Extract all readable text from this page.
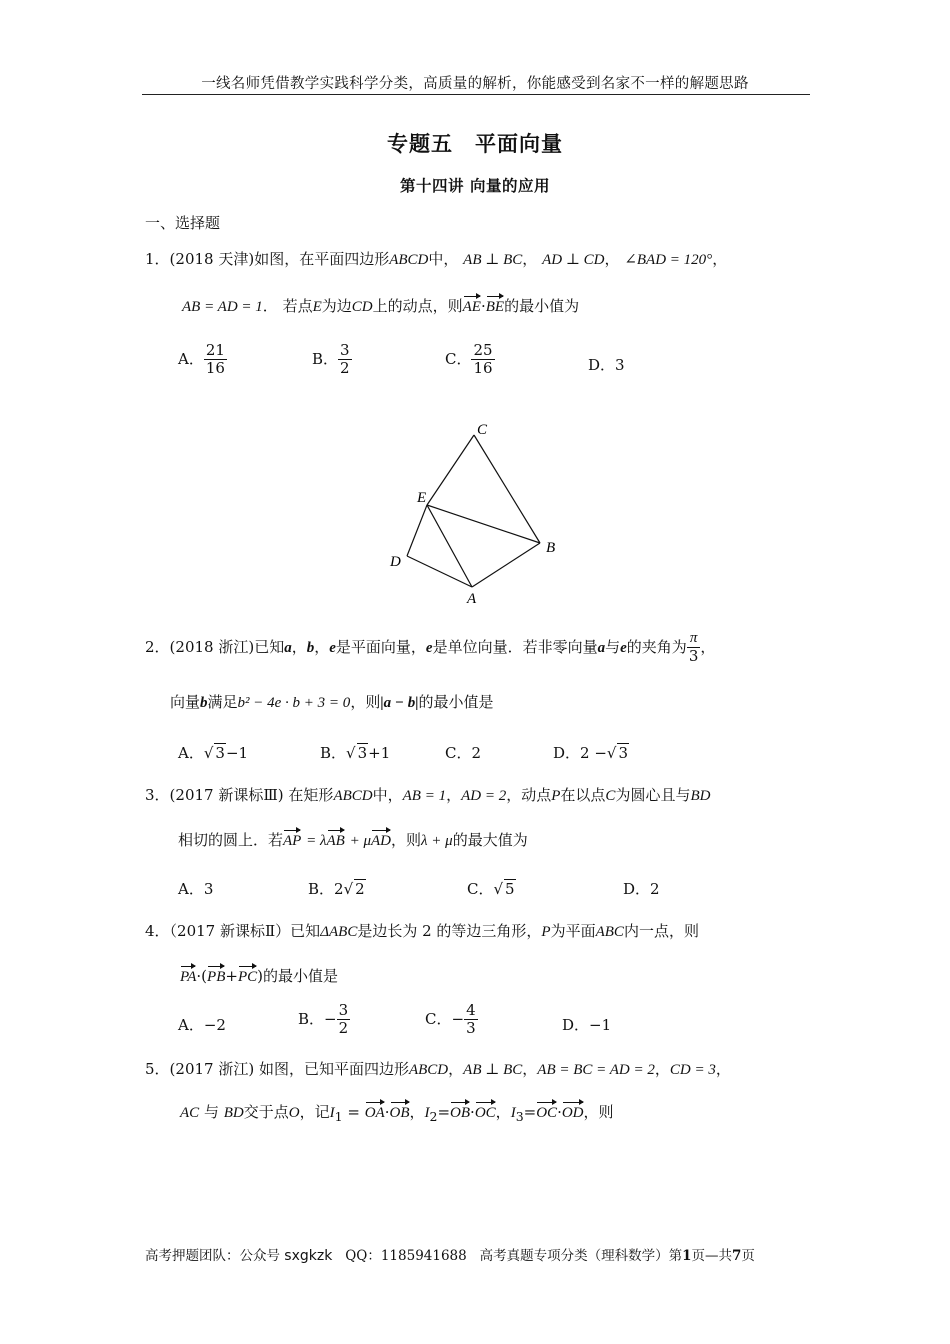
一线名师凭借教学实践科学分类，高质量的解析，你能感受到名家不一样的解题思路
专题五　平面向量
第十四讲 向量的应用
一、选择题
1．(2018 天津)如图，在平面四边形ABCD中， AB ⊥ BC， AD ⊥ CD， ∠BAD = 120°，
AB = AD = 1． 若点E为边CD上的动点，则AE·BE的最小值为
A． $\frac{21}{16}$	B． $\frac{3}{2}$	C． $\frac{25}{16}$	D．3
C
E
B
D
A
2．(2018 浙江)已知a，b，e是平面向量，e是单位向量．若非零向量a与e的夹角为 $\frac{\pi}{3}$ ，
向量b满足b² − 4e · b + 3 = 0，则|a − b|的最小值是
A．√ 3−1	B．√ 3+1	C．2	D．2 −√ 3
3．(2017 新课标Ⅲ) 在矩形ABCD中，AB = 1，AD = 2，动点P在以点C为圆心且与BD
相切的圆上．若AP = λAB + μAD，则λ + μ的最大值为
A．3	B．2√ 2	C．√ 5	D．2
4．（2017 新课标Ⅱ）已知ΔABC是边长为 2 的等边三角形，P为平面ABC内一点，则
PA·(PB+PC)的最小值是
A．−2	B．− $\frac{3}{2}$	C．− $\frac{4}{3}$	D．−1
5．(2017 浙江) 如图，已知平面四边形ABCD，AB ⊥ BC，AB = BC = AD = 2，CD = 3，
AC 与 BD交于点O，记$I_1 = OA\cdot OB$，$I_2=OB\cdot OC$，$I_3=OC\cdot OD$，则
高考押题团队：公众号 sxgkzk QQ：1185941688 高考真题专项分类（理科数学）第1页—共7页
